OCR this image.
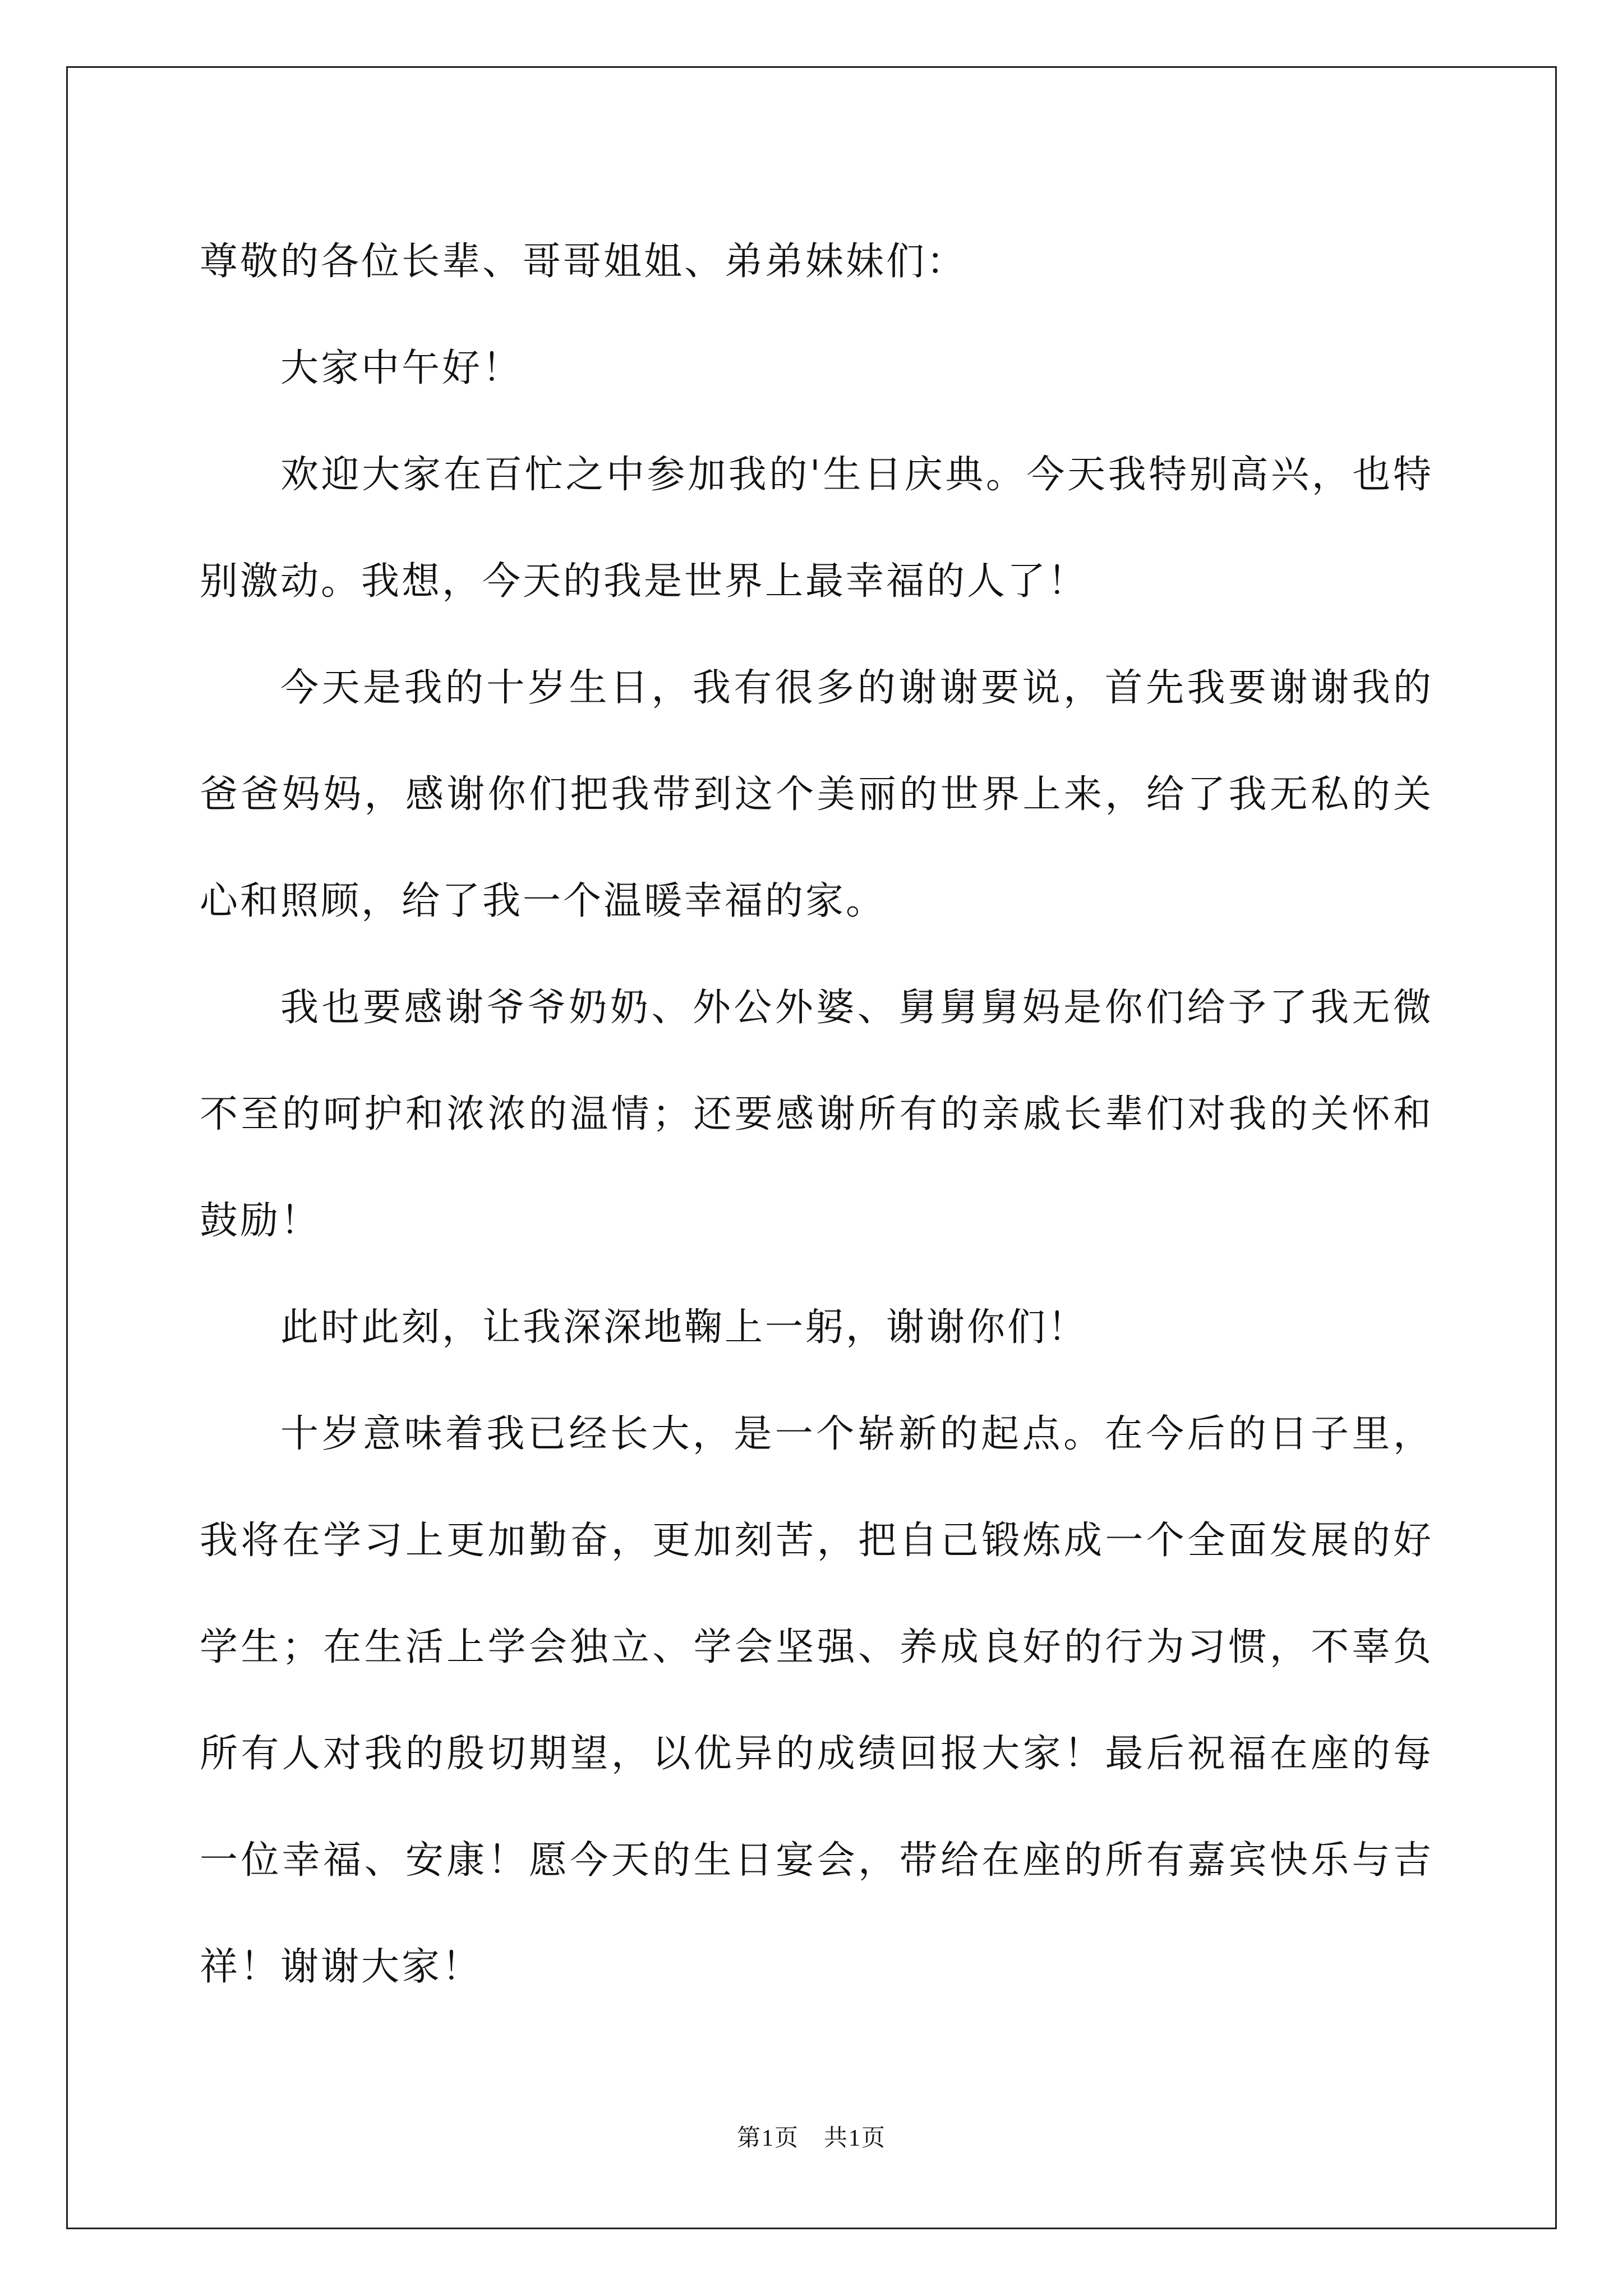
尊敬的各位长辈、哥哥姐姐、弟弟妹妹们：

大家中午好！

欢迎大家在百忙之中参加我的'生日庆典。今天我特别高兴，也特别激动。我想，今天的我是世界上最幸福的人了！

今天是我的十岁生日，我有很多的谢谢要说，首先我要谢谢我的爸爸妈妈，感谢你们把我带到这个美丽的世界上来，给了我无私的关心和照顾，给了我一个温暖幸福的家。

我也要感谢爷爷奶奶、外公外婆、舅舅舅妈是你们给予了我无微不至的呵护和浓浓的温情；还要感谢所有的亲戚长辈们对我的关怀和鼓励！

此时此刻，让我深深地鞠上一躬，谢谢你们！

十岁意味着我已经长大，是一个崭新的起点。在今后的日子里，我将在学习上更加勤奋，更加刻苦，把自己锻炼成一个全面发展的好学生；在生活上学会独立、学会坚强、养成良好的行为习惯，不辜负所有人对我的殷切期望，以优异的成绩回报大家！最后祝福在座的每一位幸福、安康！愿今天的生日宴会，带给在座的所有嘉宾快乐与吉祥！谢谢大家！

第1页　共1页
